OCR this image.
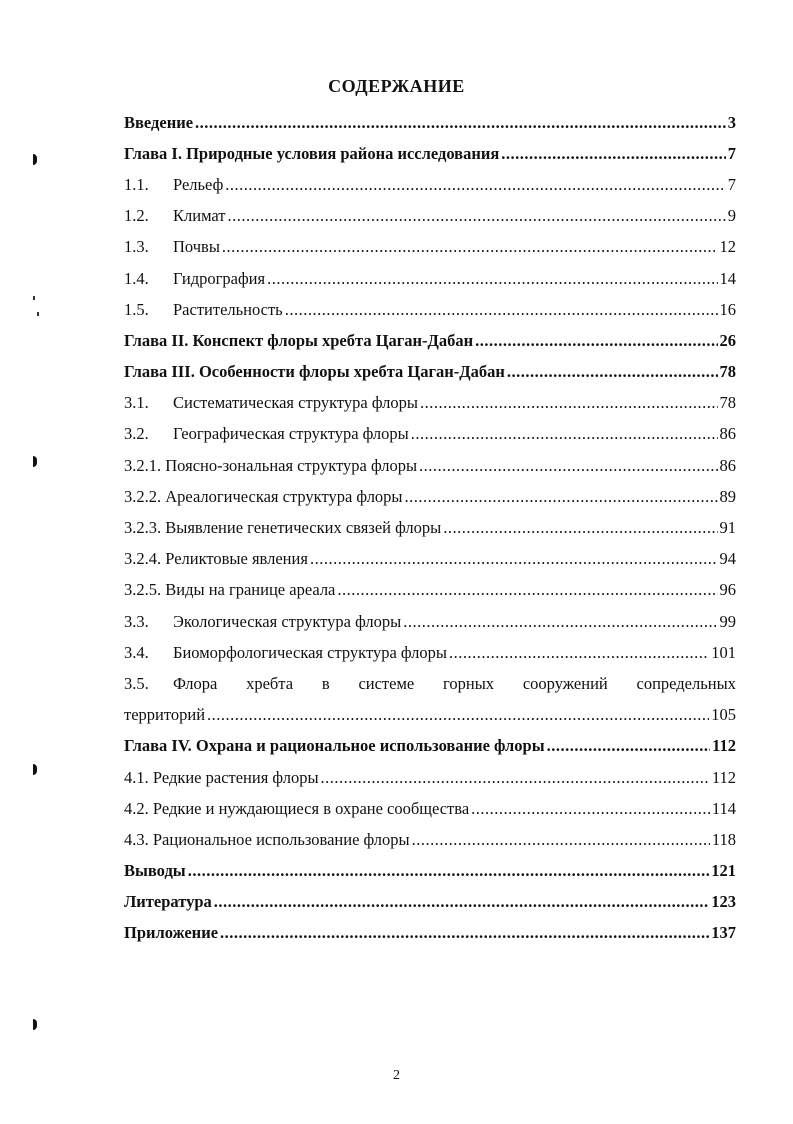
СОДЕРЖАНИЕ
Введение .....	3
Глава I. Природные условия района исследования .....	7
1.1.	Рельеф .....	7
1.2.	Климат .....	9
1.3.	Почвы .....	12
1.4.	Гидрография .....	14
1.5.	Растительность .....	16
Глава II. Конспект флоры хребта Цаган-Дабан .....	26
Глава III. Особенности флоры хребта Цаган-Дабан .....	78
3.1.	Систематическая структура флоры .....	78
3.2.	Географическая структура флоры .....	86
3.2.1. Поясно-зональная структура флоры .....	86
3.2.2. Ареалогическая структура флоры .....	89
3.2.3. Выявление генетических связей флоры .....	91
3.2.4. Реликтовые явления .....	94
3.2.5. Виды на границе ареала .....	96
3.3.	Экологическая структура флоры .....	99
3.4.	Биоморфологическая структура флоры .....	101
3.5.	Флора хребта в системе горных сооружений сопредельных
территорий .....	105
Глава IV. Охрана и рациональное использование флоры .....	112
4.1. Редкие растения флоры .....	112
4.2. Редкие и нуждающиеся в охране сообщества .....	114
4.3. Рациональное использование флоры .....	118
Выводы .....	121
Литература .....	123
Приложение .....	137
2
